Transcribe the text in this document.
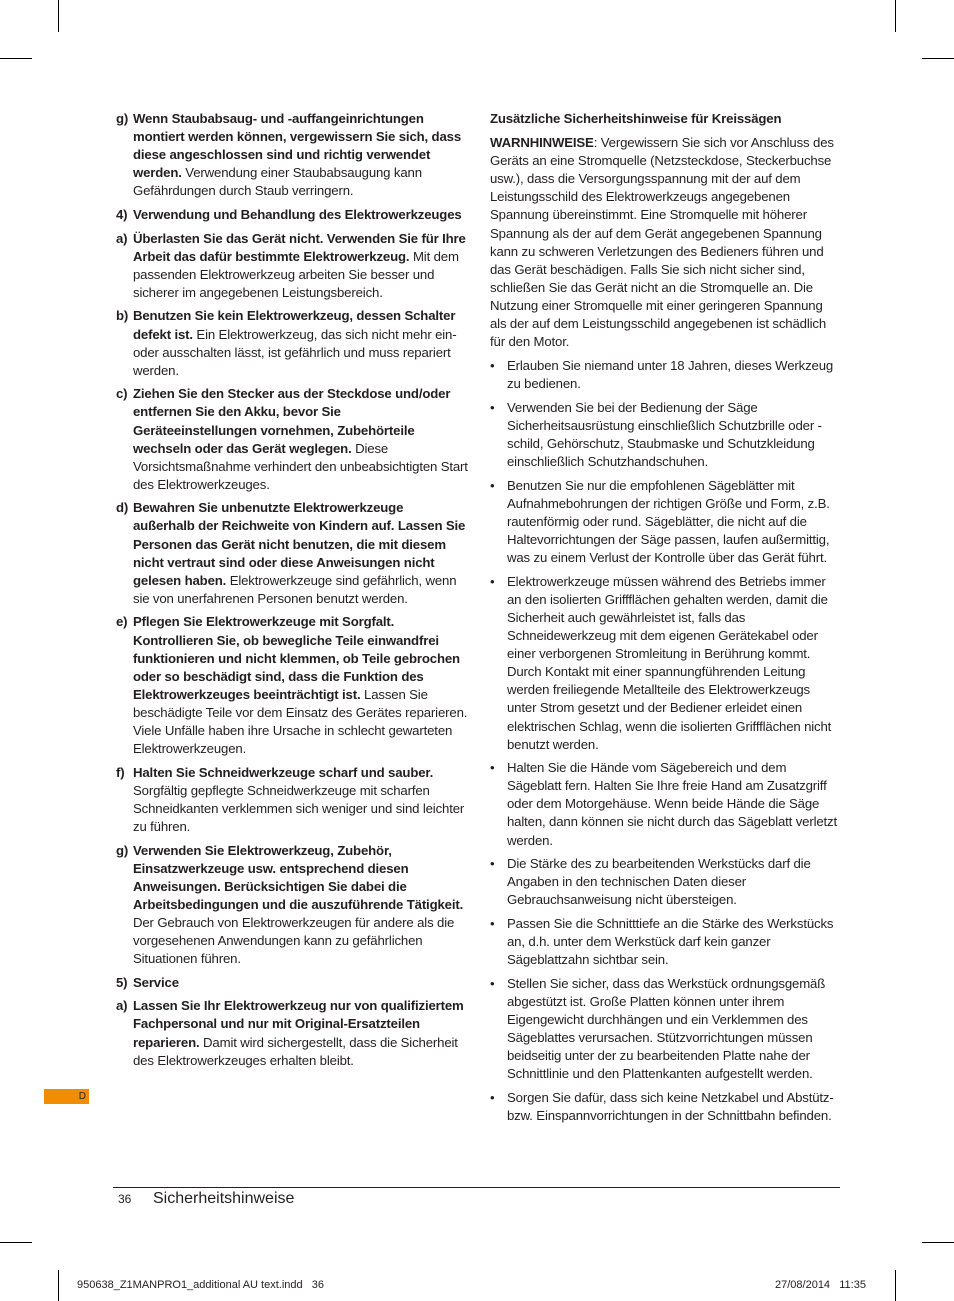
g) Wenn Staubabsaug- und -auffangeinrichtungen montiert werden können, vergewissern Sie sich, dass diese angeschlossen sind und richtig verwendet werden. Verwendung einer Staubabsaugung kann Gefährdungen durch Staub verringern.
4) Verwendung und Behandlung des Elektrowerkzeuges
a) Überlasten Sie das Gerät nicht. Verwenden Sie für Ihre Arbeit das dafür bestimmte Elektrowerkzeug. Mit dem passenden Elektrowerkzeug arbeiten Sie besser und sicherer im angegebenen Leistungsbereich.
b) Benutzen Sie kein Elektrowerkzeug, dessen Schalter defekt ist. Ein Elektrowerkzeug, das sich nicht mehr ein- oder ausschalten lässt, ist gefährlich und muss repariert werden.
c) Ziehen Sie den Stecker aus der Steckdose und/oder entfernen Sie den Akku, bevor Sie Geräteeinstellungen vornehmen, Zubehörteile wechseln oder das Gerät weglegen. Diese Vorsichtsmaßnahme verhindert den unbeabsichtigten Start des Elektrowerkzeuges.
d) Bewahren Sie unbenutzte Elektrowerkzeuge außerhalb der Reichweite von Kindern auf. Lassen Sie Personen das Gerät nicht benutzen, die mit diesem nicht vertraut sind oder diese Anweisungen nicht gelesen haben. Elektrowerkzeuge sind gefährlich, wenn sie von unerfahrenen Personen benutzt werden.
e) Pflegen Sie Elektrowerkzeuge mit Sorgfalt. Kontrollieren Sie, ob bewegliche Teile einwandfrei funktionieren und nicht klemmen, ob Teile gebrochen oder so beschädigt sind, dass die Funktion des Elektrowerkzeuges beeinträchtigt ist. Lassen Sie beschädigte Teile vor dem Einsatz des Gerätes reparieren. Viele Unfälle haben ihre Ursache in schlecht gewarteten Elektrowerkzeugen.
f) Halten Sie Schneidwerkzeuge scharf und sauber. Sorgfältig gepflegte Schneidwerkzeuge mit scharfen Schneidkanten verklemmen sich weniger und sind leichter zu führen.
g) Verwenden Sie Elektrowerkzeug, Zubehör, Einsatzwerkzeuge usw. entsprechend diesen Anweisungen. Berücksichtigen Sie dabei die Arbeitsbedingungen und die auszuführende Tätigkeit. Der Gebrauch von Elektrowerkzeugen für andere als die vorgesehenen Anwendungen kann zu gefährlichen Situationen führen.
5) Service
a) Lassen Sie Ihr Elektrowerkzeug nur von qualifiziertem Fachpersonal und nur mit Original-Ersatzteilen reparieren. Damit wird sichergestellt, dass die Sicherheit des Elektrowerkzeuges erhalten bleibt.
Zusätzliche Sicherheitshinweise für Kreissägen
WARNHINWEISE: Vergewissern Sie sich vor Anschluss des Geräts an eine Stromquelle (Netzsteckdose, Steckerbuchse usw.), dass die Versorgungsspannung mit der auf dem Leistungsschild des Elektrowerkzeugs angegebenen Spannung übereinstimmt. Eine Stromquelle mit höherer Spannung als der auf dem Gerät angegebenen Spannung kann zu schweren Verletzungen des Bedieners führen und das Gerät beschädigen. Falls Sie sich nicht sicher sind, schließen Sie das Gerät nicht an die Stromquelle an. Die Nutzung einer Stromquelle mit einer geringeren Spannung als der auf dem Leistungsschild angegebenen ist schädlich für den Motor.
• Erlauben Sie niemand unter 18 Jahren, dieses Werkzeug zu bedienen.
• Verwenden Sie bei der Bedienung der Säge Sicherheitsausrüstung einschließlich Schutzbrille oder -schild, Gehörschutz, Staubmaske und Schutzkleidung einschließlich Schutzhandschuhen.
• Benutzen Sie nur die empfohlenen Sägeblätter mit Aufnahmebohrungen der richtigen Größe und Form, z.B. rautenförmig oder rund. Sägeblätter, die nicht auf die Haltevorrichtungen der Säge passen, laufen außermittig, was zu einem Verlust der Kontrolle über das Gerät führt.
• Elektrowerkzeuge müssen während des Betriebs immer an den isolierten Griffflächen gehalten werden, damit die Sicherheit auch gewährleistet ist, falls das Schneidewerkzeug mit dem eigenen Gerätekabel oder einer verborgenen Stromleitung in Berührung kommt. Durch Kontakt mit einer spannungführenden Leitung werden freiliegende Metallteile des Elektrowerkzeugs unter Strom gesetzt und der Bediener erleidet einen elektrischen Schlag, wenn die isolierten Griffflächen nicht benutzt werden.
• Halten Sie die Hände vom Sägebereich und dem Sägeblatt fern. Halten Sie Ihre freie Hand am Zusatzgriff oder dem Motorgehäuse. Wenn beide Hände die Säge halten, dann können sie nicht durch das Sägeblatt verletzt werden.
• Die Stärke des zu bearbeitenden Werkstücks darf die Angaben in den technischen Daten dieser Gebrauchsanweisung nicht übersteigen.
• Passen Sie die Schnitttiefe an die Stärke des Werkstücks an, d.h. unter dem Werkstück darf kein ganzer Sägeblattzahn sichtbar sein.
• Stellen Sie sicher, dass das Werkstück ordnungsgemäß abgestützt ist. Große Platten können unter ihrem Eigengewicht durchhängen und ein Verklemmen des Sägeblattes verursachen. Stützvorrichtungen müssen beidseitig unter der zu bearbeitenden Platte nahe der Schnittlinie und den Plattenkanten aufgestellt werden.
• Sorgen Sie dafür, dass sich keine Netzkabel und Abstütz- bzw. Einspannvorrichtungen in der Schnittbahn befinden.
D
36 Sicherheitshinweise
950638_Z1MANPRO1_additional AU text.indd   36	27/08/2014   11:35
